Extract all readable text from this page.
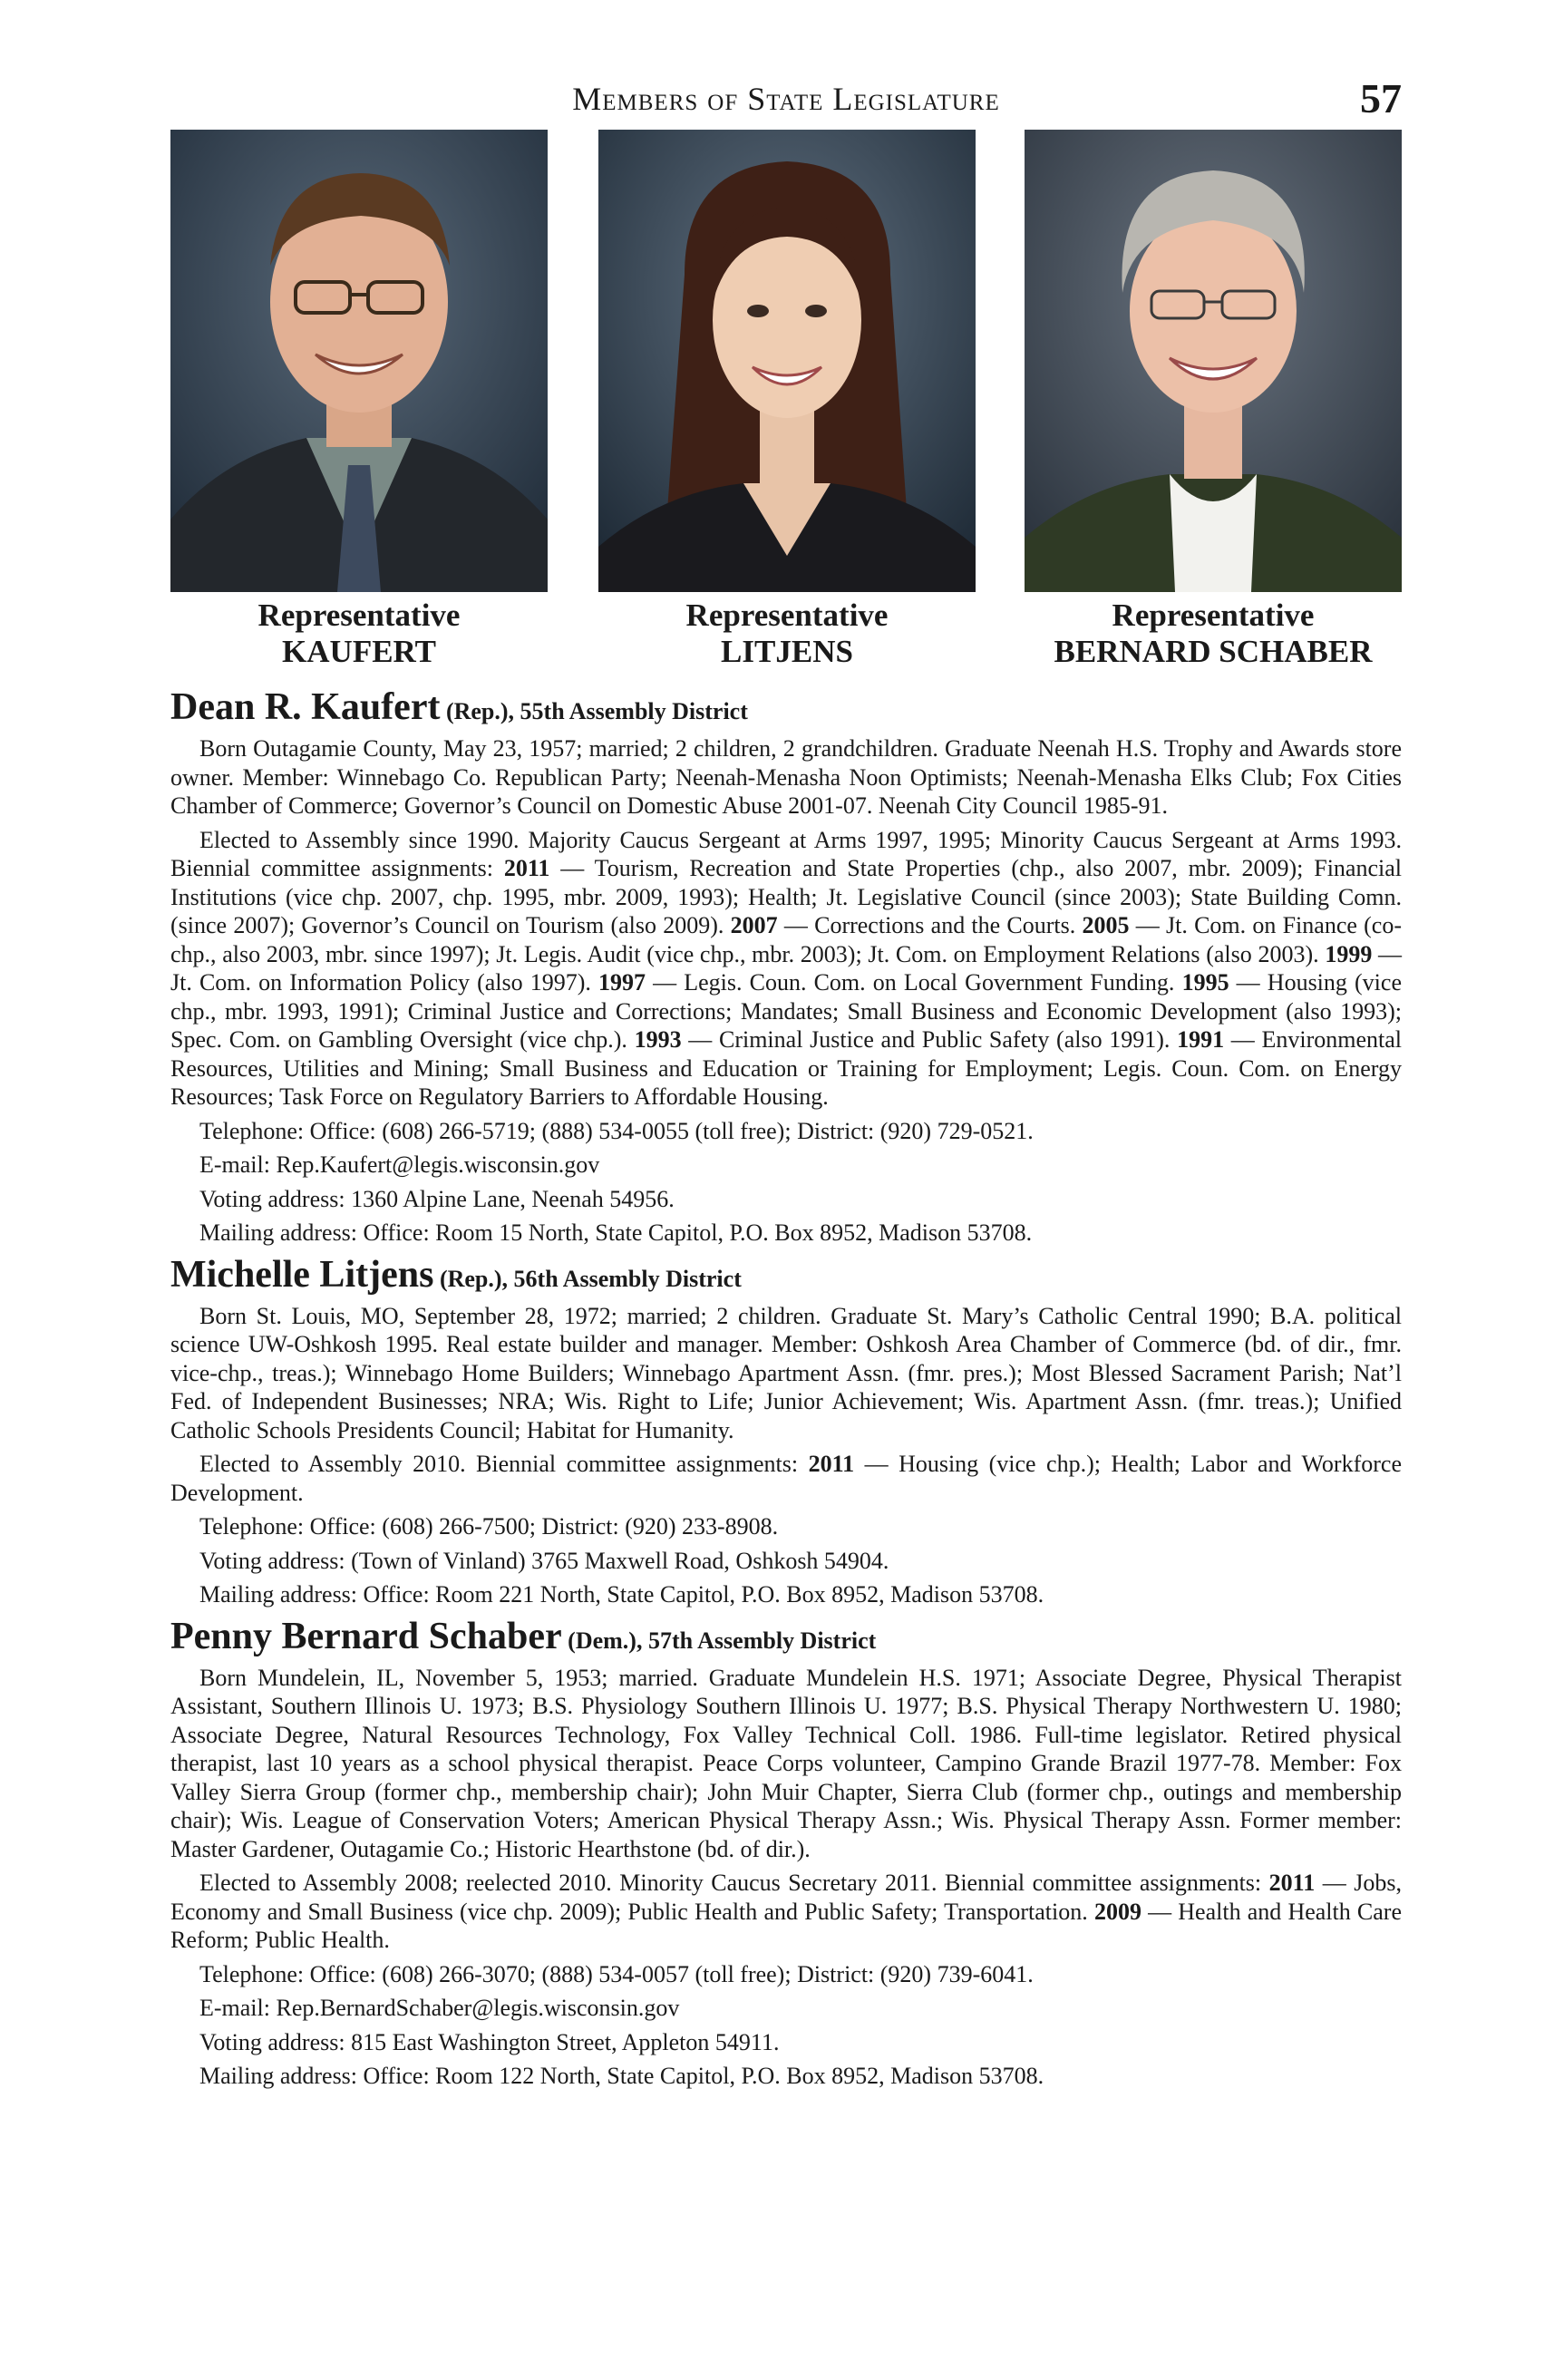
Members of State Legislature	57
Representative
KAUFERT
Representative
LITJENS
Representative
BERNARD SCHABER
Dean R. Kaufert (Rep.), 55th Assembly District

Born Outagamie County, May 23, 1957; married; 2 children, 2 grandchildren. Graduate Neenah H.S. Trophy and Awards store owner. Member: Winnebago Co. Republican Party; Neenah-Menasha Noon Optimists; Neenah-Menasha Elks Club; Fox Cities Chamber of Commerce; Governor’s Council on Domestic Abuse 2001-07. Neenah City Council 1985-91.

Elected to Assembly since 1990. Majority Caucus Sergeant at Arms 1997, 1995; Minority Caucus Sergeant at Arms 1993. Biennial committee assignments: 2011 — Tourism, Recreation and State Properties (chp., also 2007, mbr. 2009); Financial Institutions (vice chp. 2007, chp. 1995, mbr. 2009, 1993); Health; Jt. Legislative Council (since 2003); State Building Comn. (since 2007); Governor’s Council on Tourism (also 2009). 2007 — Corrections and the Courts. 2005 — Jt. Com. on Finance (co-chp., also 2003, mbr. since 1997); Jt. Legis. Audit (vice chp., mbr. 2003); Jt. Com. on Employment Relations (also 2003). 1999 — Jt. Com. on Information Policy (also 1997). 1997 — Legis. Coun. Com. on Local Government Funding. 1995 — Housing (vice chp., mbr. 1993, 1991); Criminal Justice and Corrections; Mandates; Small Business and Economic Development (also 1993); Spec. Com. on Gambling Oversight (vice chp.). 1993 — Criminal Justice and Public Safety (also 1991). 1991 — Environmental Resources, Utilities and Mining; Small Business and Education or Training for Employment; Legis. Coun. Com. on Energy Resources; Task Force on Regulatory Barriers to Affordable Housing.

Telephone: Office: (608) 266-5719; (888) 534-0055 (toll free); District: (920) 729-0521.

E-mail: Rep.Kaufert@legis.wisconsin.gov

Voting address: 1360 Alpine Lane, Neenah 54956.

Mailing address: Office: Room 15 North, State Capitol, P.O. Box 8952, Madison 53708.

Michelle Litjens (Rep.), 56th Assembly District

Born St. Louis, MO, September 28, 1972; married; 2 children. Graduate St. Mary’s Catholic Central 1990; B.A. political science UW-Oshkosh 1995. Real estate builder and manager. Member: Oshkosh Area Chamber of Commerce (bd. of dir., fmr. vice-chp., treas.); Winnebago Home Builders; Winnebago Apartment Assn. (fmr. pres.); Most Blessed Sacrament Parish; Nat’l Fed. of Independent Businesses; NRA; Wis. Right to Life; Junior Achievement; Wis. Apartment Assn. (fmr. treas.); Unified Catholic Schools Presidents Council; Habitat for Humanity.

Elected to Assembly 2010. Biennial committee assignments: 2011 — Housing (vice chp.); Health; Labor and Workforce Development.

Telephone: Office: (608) 266-7500; District: (920) 233-8908.

Voting address: (Town of Vinland) 3765 Maxwell Road, Oshkosh 54904.

Mailing address: Office: Room 221 North, State Capitol, P.O. Box 8952, Madison 53708.

Penny Bernard Schaber (Dem.), 57th Assembly District

Born Mundelein, IL, November 5, 1953; married. Graduate Mundelein H.S. 1971; Associate Degree, Physical Therapist Assistant, Southern Illinois U. 1973; B.S. Physiology Southern Illinois U. 1977; B.S. Physical Therapy Northwestern U. 1980; Associate Degree, Natural Resources Technology, Fox Valley Technical Coll. 1986. Full-time legislator. Retired physical therapist, last 10 years as a school physical therapist. Peace Corps volunteer, Campino Grande Brazil 1977-78. Member: Fox Valley Sierra Group (former chp., membership chair); John Muir Chapter, Sierra Club (former chp., outings and membership chair); Wis. League of Conservation Voters; American Physical Therapy Assn.; Wis. Physical Therapy Assn. Former member: Master Gardener, Outagamie Co.; Historic Hearthstone (bd. of dir.).

Elected to Assembly 2008; reelected 2010. Minority Caucus Secretary 2011. Biennial committee assignments: 2011 — Jobs, Economy and Small Business (vice chp. 2009); Public Health and Public Safety; Transportation. 2009 — Health and Health Care Reform; Public Health.

Telephone: Office: (608) 266-3070; (888) 534-0057 (toll free); District: (920) 739-6041.

E-mail: Rep.BernardSchaber@legis.wisconsin.gov

Voting address: 815 East Washington Street, Appleton 54911.

Mailing address: Office: Room 122 North, State Capitol, P.O. Box 8952, Madison 53708.
